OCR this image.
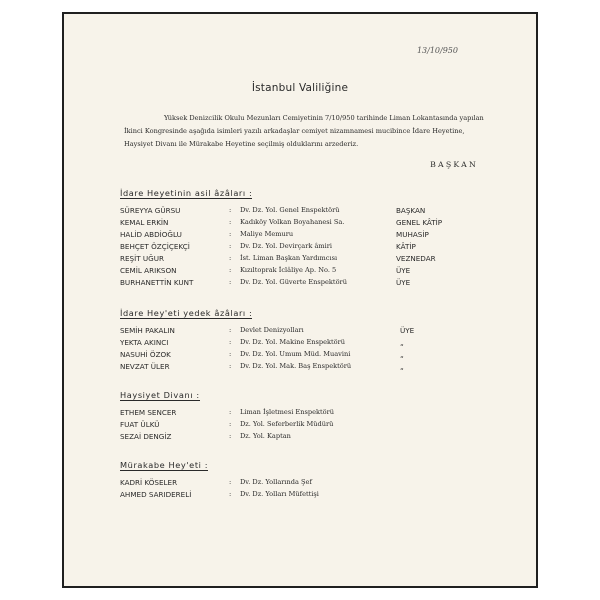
13/10/950
İstanbul Valiliğine
Yüksek Denizcilik Okulu Mezunları Cemiyetinin 7/10/950 tarihinde Liman Lokantasında yapılan
İkinci Kongresinde aşağıda isimleri yazılı arkadaşlar cemiyet nizamnamesi mucibince İdare Heyetine,
Haysiyet Divanı ile Mürakabe Heyetine seçilmiş olduklarını arzederiz.
BAŞKAN
İdare Heyetinin asil âzâları :
SÜREYYA GÜRSU	: Dv. Dz. Yol. Genel Enspektörü	BAŞKAN
KEMAL ERKİN	: Kadıköy Volkan Boyahanesi Sa.	GENEL KÂTİP
HALİD ABDİOĞLU	: Maliye Memuru	MUHASİP
BEHÇET ÖZÇİÇEKÇİ	: Dv. Dz. Yol. Devirçark âmiri	KÂTİP
REŞİT UĞUR	: İst. Liman Başkan Yardımcısı	VEZNEDAR
CEMİL ARIKSON	: Kızıltoprak İclâliye Ap. No. 5	ÜYE
BURHANETTİN KUNT	: Dv. Dz. Yol. Güverte Enspektörü	ÜYE
İdare Hey'eti yedek âzâları :
SEMİH PAKALIN	: Devlet Denizyolları	ÜYE
YEKTA AKINCI	: Dv. Dz. Yol. Makine Enspektörü	„
NASUHİ ÖZOK	: Dv. Dz. Yol. Umum Müd. Muavini	„
NEVZAT ÜLER	: Dv. Dz. Yol. Mak. Baş Enspektörü	„
Haysiyet Divanı :
ETHEM SENCER	: Liman İşletmesi Enspektörü
FUAT ÜLKÜ	: Dz. Yol. Seferberlik Müdürü
SEZAİ DENGİZ	: Dz. Yol. Kaptan
Mürakabe Hey'eti :
KADRİ KÖSELER	: Dv. Dz. Yollarında Şef
AHMED SARIDERELİ	: Dv. Dz. Yolları Müfettişi
